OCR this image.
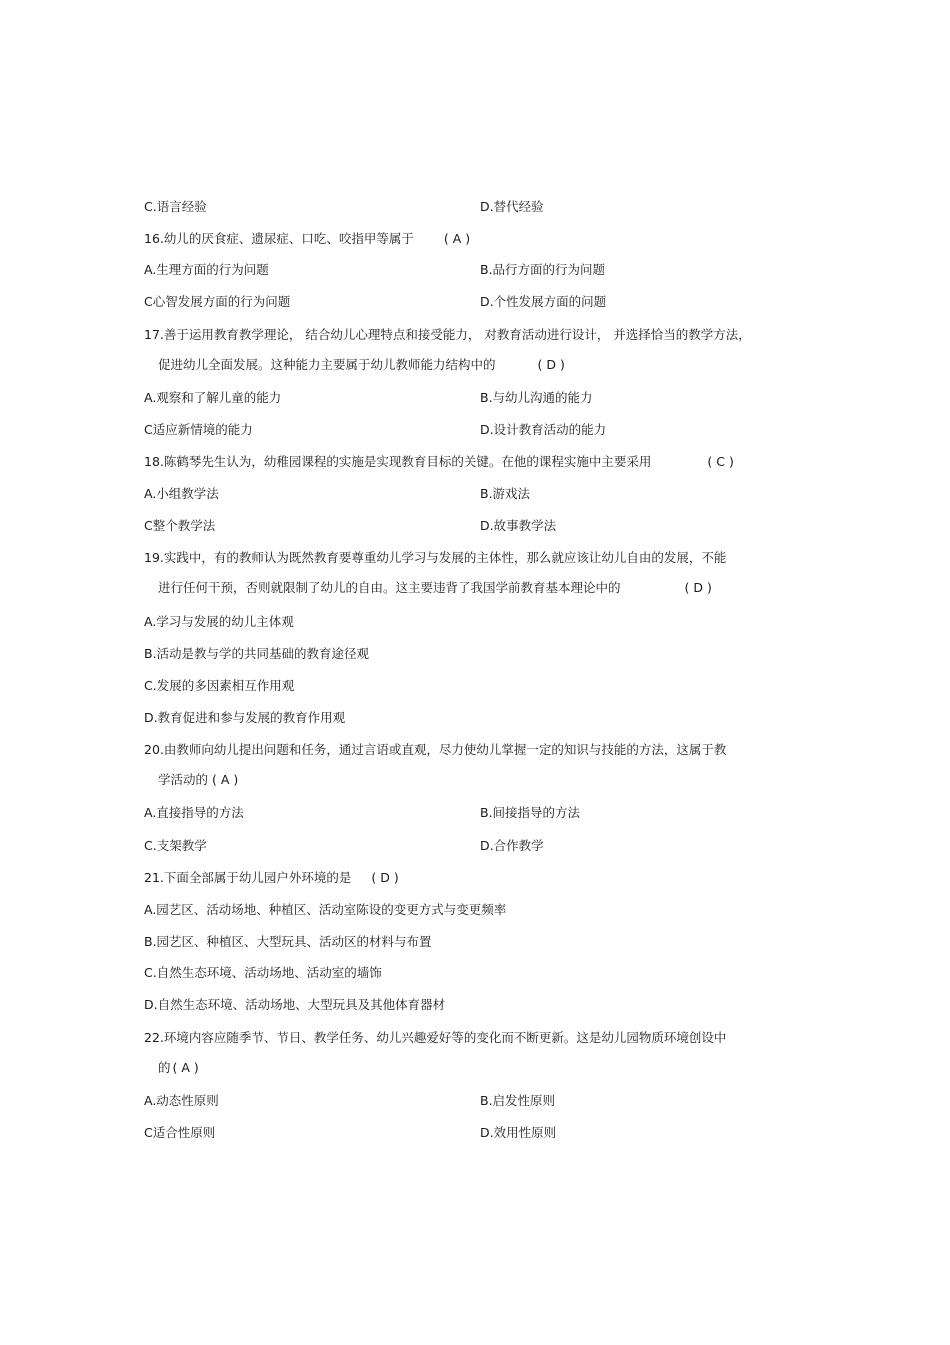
C.语言经验	D.替代经验

16.幼儿的厌食症、遗尿症、口吃、咬指甲等属于 ( A )

A.生理方面的行为问题	B.品行方面的行为问题

C心智发展方面的行为问题	D.个性发展方面的问题

17.善于运用教育教学理论， 结合幼儿心理特点和接受能力， 对教育活动进行设计， 并选择恰当的教学方法，

促进幼儿全面发展。这种能力主要属于幼儿教师能力结构中的	( D )

A.观察和了解儿童的能力	B.与幼儿沟通的能力

C适应新情境的能力	D.设计教育活动的能力

18.陈鹤琴先生认为，幼稚园课程的实施是实现教育目标的关键。在他的课程实施中主要采用	( C )

A.小组教学法	B.游戏法

C整个教学法	D.故事教学法

19.实践中，有的教师认为既然教育要尊重幼儿学习与发展的主体性，那么就应该让幼儿自由的发展，不能

进行任何干预，否则就限制了幼儿的自由。这主要违背了我国学前教育基本理论中的	( D )

A.学习与发展的幼儿主体观

B.活动是教与学的共同基础的教育途径观

C.发展的多因素相互作用观

D.教育促进和参与发展的教育作用观

20.由教师向幼儿提出问题和任务，通过言语或直观，尽力使幼儿掌握一定的知识与技能的方法，这属于教

学活动的 ( A )

A.直接指导的方法	B.间接指导的方法

C.支架教学	D.合作教学

21.下面全部属于幼儿园户外环境的是 ( D )

A.园艺区、活动场地、种植区、活动室陈设的变更方式与变更频率

B.园艺区、种植区、大型玩具、活动区的材料与布置

C.自然生态环境、活动场地、活动室的墙饰

D.自然生态环境、活动场地、大型玩具及其他体育器材

22.环境内容应随季节、节日、教学任务、幼儿兴趣爱好等的变化而不断更新。这是幼儿园物质环境创设中

的 ( A )

A.动态性原则	B.启发性原则

C适合性原则	D.效用性原则
